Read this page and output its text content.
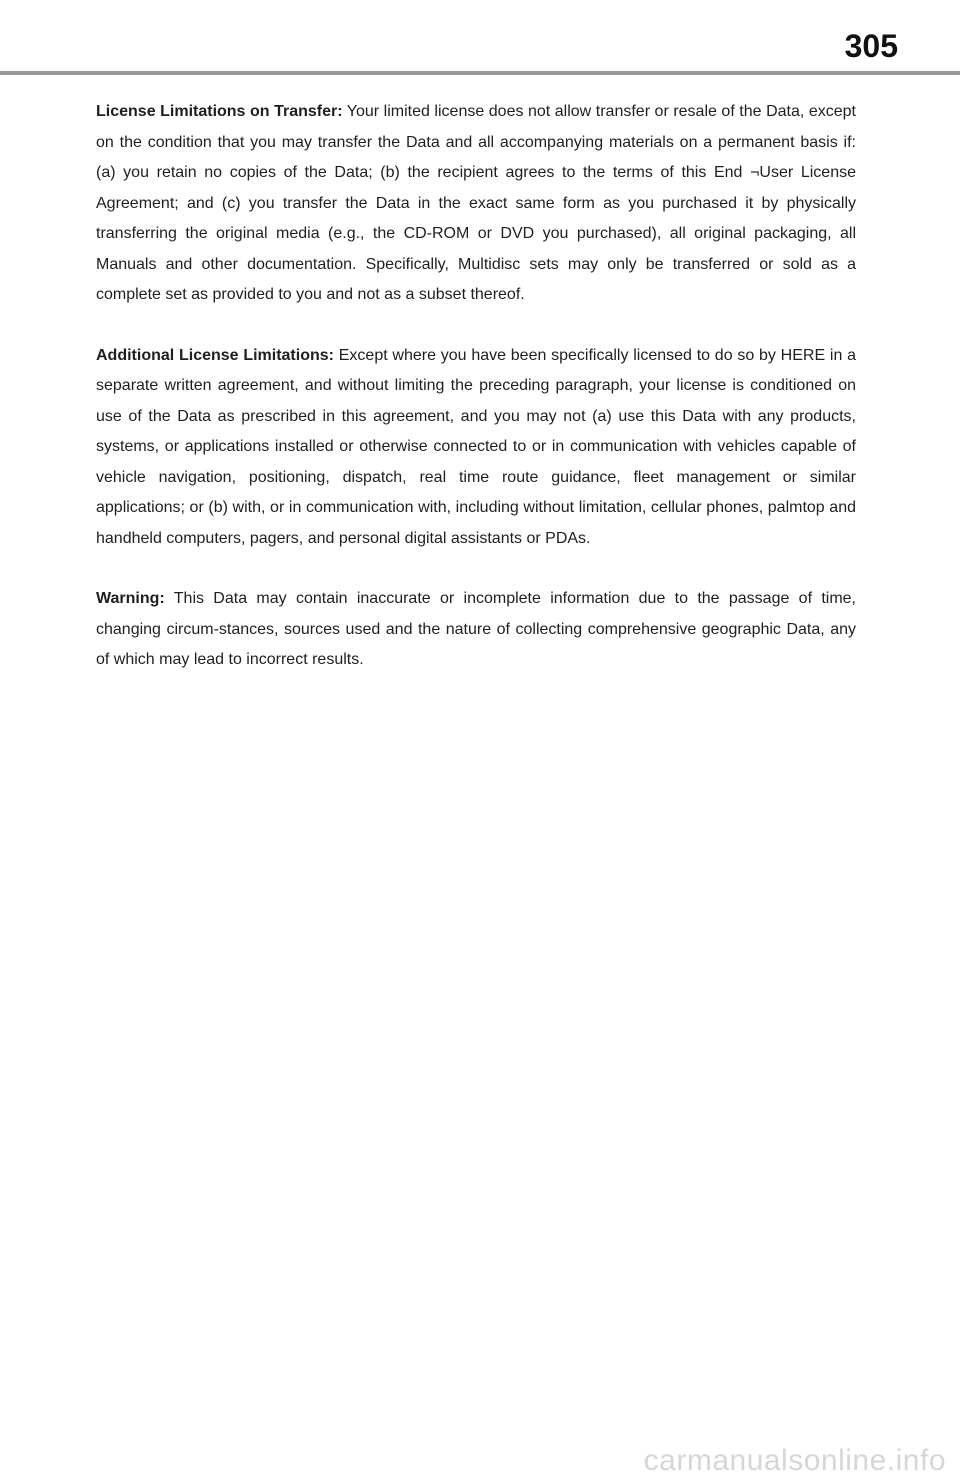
305

License Limitations on Transfer: Your limited license does not allow transfer or resale of the Data, except on the condition that you may transfer the Data and all accompanying materials on a permanent basis if: (a) you retain no copies of the Data; (b) the recipient agrees to the terms of this End ¬User License Agreement; and (c) you transfer the Data in the exact same form as you purchased it by physically transferring the original media (e.g., the CD-ROM or DVD you purchased), all original packaging, all Manuals and other documentation. Specifically, Multidisc sets may only be transferred or sold as a complete set as provided to you and not as a subset thereof.

Additional License Limitations: Except where you have been specifically licensed to do so by HERE in a separate written agreement, and without limiting the preceding paragraph, your license is conditioned on use of the Data as prescribed in this agreement, and you may not (a) use this Data with any products, systems, or applications installed or otherwise connected to or in communication with vehicles capable of vehicle navigation, positioning, dispatch, real time route guidance, fleet management or similar applications; or (b) with, or in communication with, including without limitation, cellular phones, palmtop and handheld computers, pagers, and personal digital assistants or PDAs.

Warning: This Data may contain inaccurate or incomplete information due to the passage of time, changing circum-stances, sources used and the nature of collecting comprehensive geographic Data, any of which may lead to incorrect results.

carmanualsonline.info
